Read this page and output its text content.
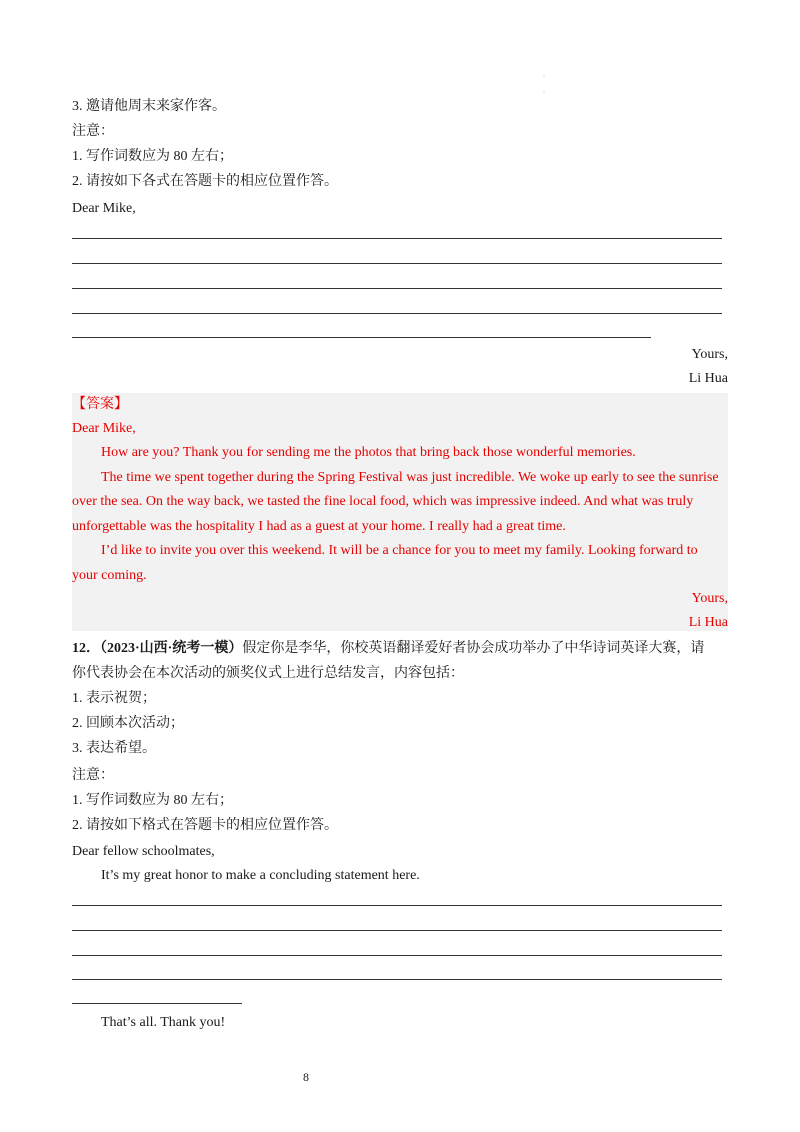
.
.
3. 邀请他周末来家作客。
注意：
1. 写作词数应为 80 左右；
2. 请按如下各式在答题卡的相应位置作答。
Dear Mike,
Yours,
Li Hua
【答案】
Dear Mike,
How are you? Thank you for sending me the photos that bring back those wonderful memories.
The time we spent together during the Spring Festival was just incredible. We woke up early to see the sunrise
over the sea. On the way back, we tasted the fine local food, which was impressive indeed. And what was truly
unforgettable was the hospitality I had as a guest at your home. I really had a great time.
I’d like to invite you over this weekend. It will be a chance for you to meet my family. Looking forward to
your coming.
Yours,
Li Hua
12．（2023·山西·统考一模）假定你是李华，你校英语翻译爱好者协会成功举办了中华诗词英译大赛，请
你代表协会在本次活动的颁奖仪式上进行总结发言，内容包括：
1. 表示祝贺；
2. 回顾本次活动；
3. 表达希望。
注意：
1. 写作词数应为 80 左右；
2. 请按如下格式在答题卡的相应位置作答。
Dear fellow schoolmates,
It’s my great honor to make a concluding statement here.
That’s all. Thank you!
8
